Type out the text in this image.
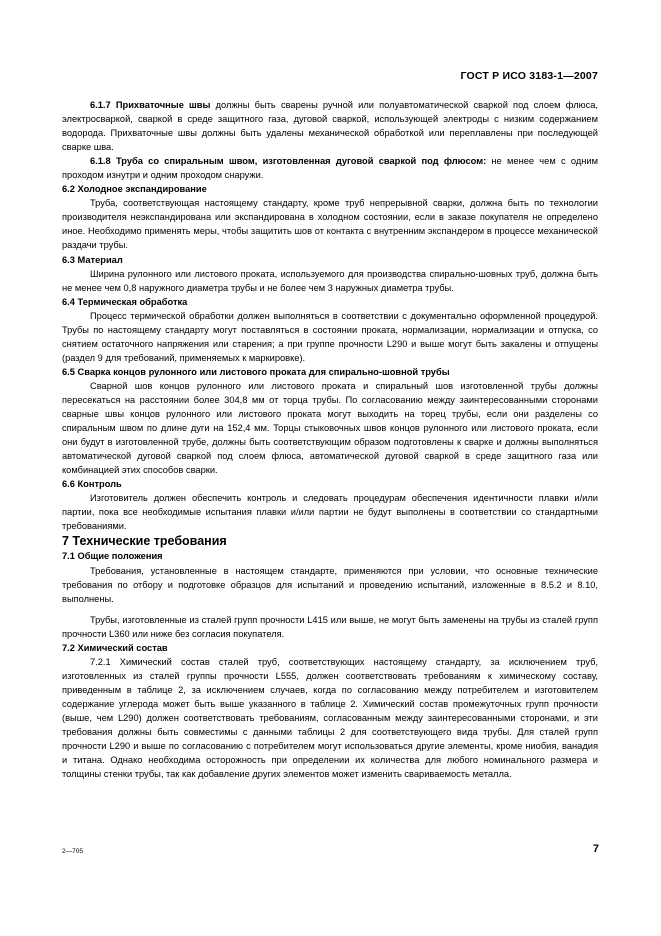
ГОСТ Р ИСО 3183-1—2007

6.1.7 Прихваточные швы должны быть сварены ручной или полуавтоматической сваркой под слоем флюса, электросваркой, сваркой в среде защитного газа, дуговой сваркой, использующей электроды с низким содержанием водорода. Прихваточные швы должны быть удалены механической обработкой или переплавлены при последующей сварке шва.

6.1.8 Труба со спиральным швом, изготовленная дуговой сваркой под флюсом: не менее чем с одним проходом изнутри и одним проходом снаружи.

6.2 Холодное экспандирование

Труба, соответствующая настоящему стандарту, кроме труб непрерывной сварки, должна быть по технологии производителя неэкспандирована или экспандирована в холодном состоянии, если в заказе покупателя не определено иное. Необходимо применять меры, чтобы защитить шов от контакта с внутренним экспандером в процессе механической раздачи трубы.

6.3 Материал

Ширина рулонного или листового проката, используемого для производства спирально-шовных труб, должна быть не менее чем 0,8 наружного диаметра трубы и не более чем 3 наружных диаметра трубы.

6.4 Термическая обработка

Процесс термической обработки должен выполняться в соответствии с документально оформленной процедурой. Трубы по настоящему стандарту могут поставляться в состоянии проката, нормализации, нормализации и отпуска, со снятием остаточного напряжения или старения; а при группе прочности L290 и выше могут быть закалены и отпущены (раздел 9 для требований, применяемых к маркировке).

6.5 Сварка концов рулонного или листового проката для спирально-шовной трубы

Сварной шов концов рулонного или листового проката и спиральный шов изготовленной трубы должны пересекаться на расстоянии более 304,8 мм от торца трубы. По согласованию между заинтересованными сторонами сварные швы концов рулонного или листового проката могут выходить на торец трубы, если они разделены со спиральным швом по длине дуги на 152,4 мм. Торцы стыковочных швов концов рулонного или листового проката, если они будут в изготовленной трубе, должны быть соответствующим образом подготовлены к сварке и должны выполняться автоматической дуговой сваркой под слоем флюса, автоматической дуговой сваркой в среде защитного газа или комбинацией этих способов сварки.

6.6 Контроль

Изготовитель должен обеспечить контроль и следовать процедурам обеспечения идентичности плавки и/или партии, пока все необходимые испытания плавки и/или партии не будут выполнены в соответствии со стандартными требованиями.

7 Технические требования

7.1 Общие положения

Требования, установленные в настоящем стандарте, применяются при условии, что основные технические требования по отбору и подготовке образцов для испытаний и проведению испытаний, изложенные в 8.5.2 и 8.10, выполнены.

Трубы, изготовленные из сталей групп прочности L415 или выше, не могут быть заменены на трубы из сталей групп прочности L360 или ниже без согласия покупателя.

7.2 Химический состав

7.2.1 Химический состав сталей труб, соответствующих настоящему стандарту, за исключением труб, изготовленных из сталей группы прочности L555, должен соответствовать требованиям к химическому составу, приведенным в таблице 2, за исключением случаев, когда по согласованию между потребителем и изготовителем содержание углерода может быть выше указанного в таблице 2. Химический состав промежуточных групп прочности (выше, чем L290) должен соответствовать требованиям, согласованным между заинтересованными сторонами, и эти требования должны быть совместимы с данными таблицы 2 для соответствующего вида трубы. Для сталей групп прочности L290 и выше по согласованию с потребителем могут использоваться другие элементы, кроме ниобия, ванадия и титана. Однако необходима осторожность при определении их количества для любого номинального размера и толщины стенки трубы, так как добавление других элементов может изменить свариваемость металла.

2—705	7
